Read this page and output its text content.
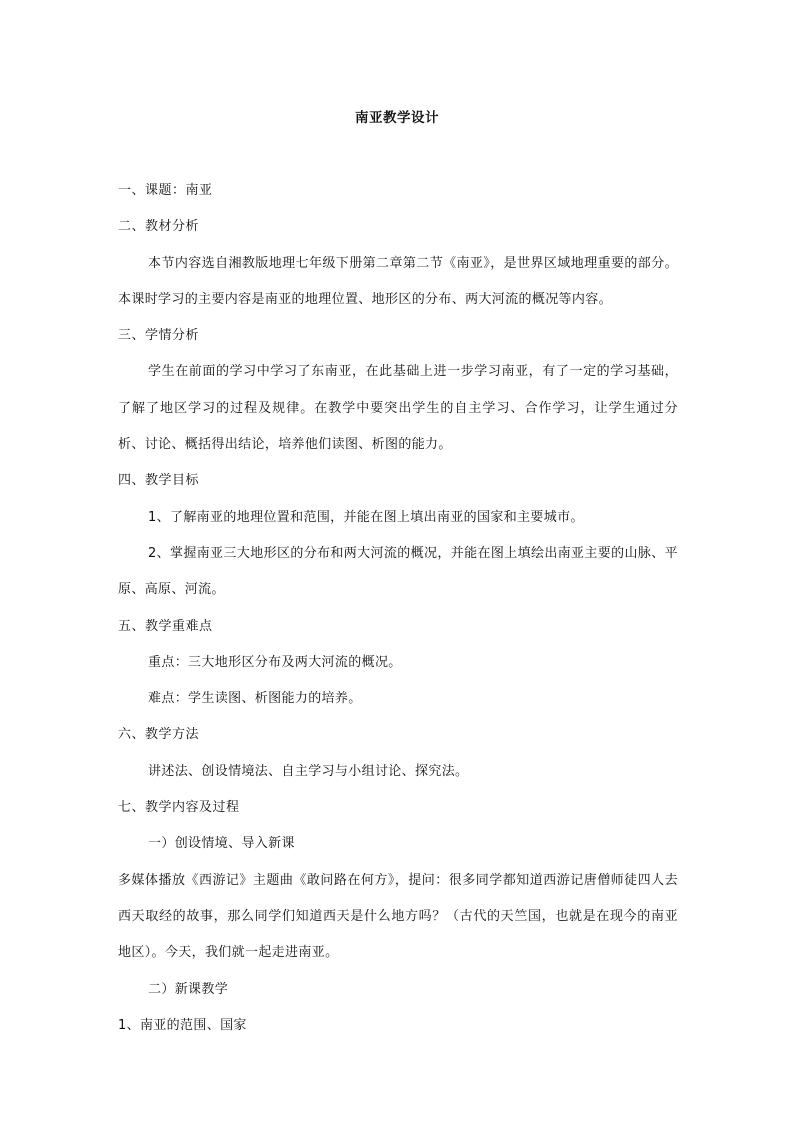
南亚教学设计

一、课题：南亚

二、教材分析

本节内容选自湘教版地理七年级下册第二章第二节《南亚》，是世界区域地理重要的部分。本课时学习的主要内容是南亚的地理位置、地形区的分布、两大河流的概况等内容。

三、学情分析

学生在前面的学习中学习了东南亚，在此基础上进一步学习南亚，有了一定的学习基础，了解了地区学习的过程及规律。在教学中要突出学生的自主学习、合作学习，让学生通过分析、讨论、概括得出结论，培养他们读图、析图的能力。

四、教学目标

1、了解南亚的地理位置和范围，并能在图上填出南亚的国家和主要城市。

2、掌握南亚三大地形区的分布和两大河流的概况，并能在图上填绘出南亚主要的山脉、平原、高原、河流。

五、教学重难点

重点：三大地形区分布及两大河流的概况。

难点：学生读图、析图能力的培养。

六、教学方法

讲述法、创设情境法、自主学习与小组讨论、探究法。

七、教学内容及过程

一）创设情境、导入新课

多媒体播放《西游记》主题曲《敢问路在何方》，提问：很多同学都知道西游记唐僧师徒四人去西天取经的故事，那么同学们知道西天是什么地方吗？（古代的天竺国，也就是在现今的南亚地区）。今天，我们就一起走进南亚。

二）新课教学

1、南亚的范围、国家
